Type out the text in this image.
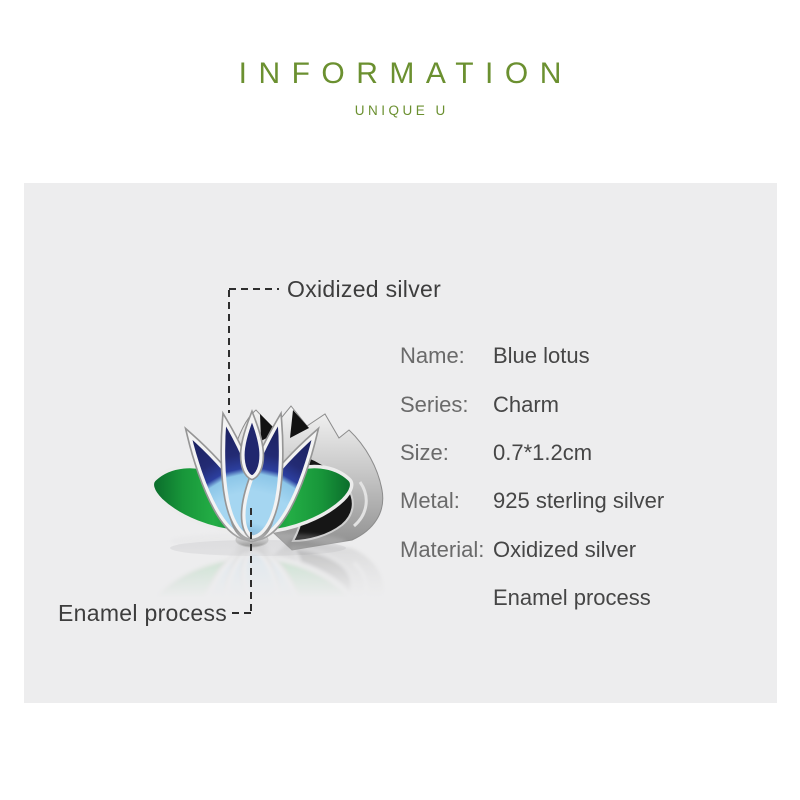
INFORMATION
UNIQUE U
Oxidized silver
Enamel process
Name:	Blue lotus
Series:	Charm
Size:	0.7*1.2cm
Metal:	925 sterling silver
Material: Oxidized silver
Enamel process
